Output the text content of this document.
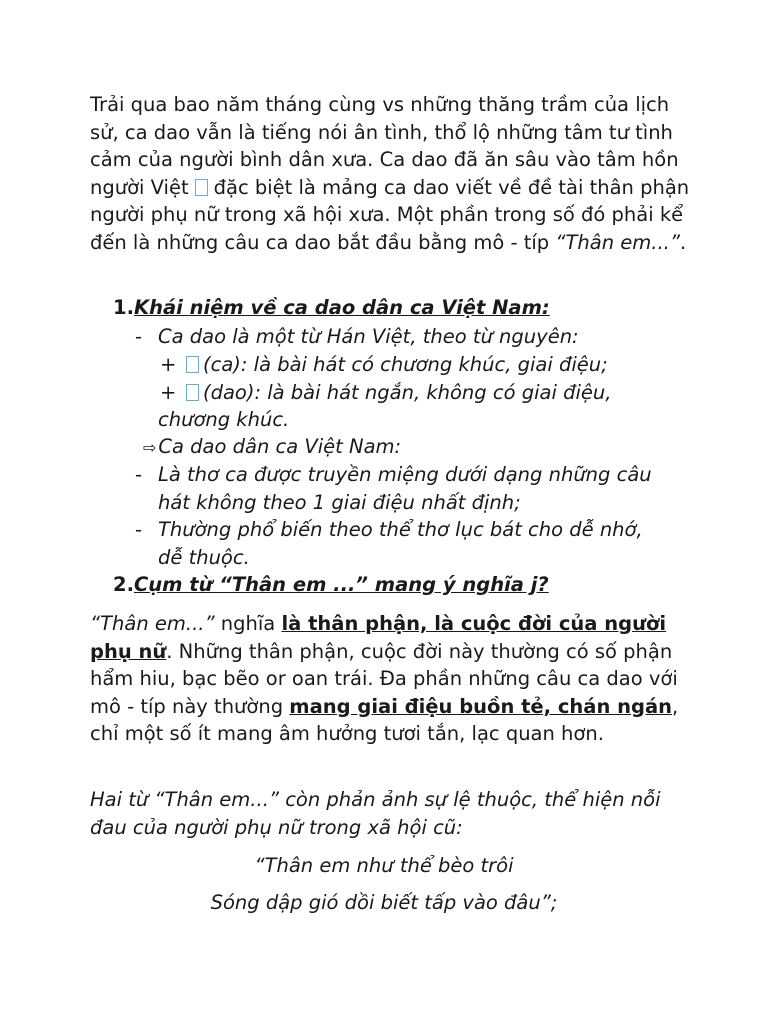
Trải qua bao năm tháng cùng vs những thăng trầm của lịch sử, ca dao vẫn là tiếng nói ân tình, thổ lộ những tâm tư tình cảm của người bình dân xưa. Ca dao đã ăn sâu vào tâm hồn người Việt đặc biệt là mảng ca dao viết về đề tài thân phận người phụ nữ trong xã hội xưa. Một phần trong số đó phải kể đến là những câu ca dao bắt đầu bằng mô - típ “Thân em...”.
1.Khái niệm về ca dao dân ca Việt Nam:
- Ca dao là một từ Hán Việt, theo từ nguyên:
+	(ca): là bài hát có chương khúc, giai điệu;
+	(dao): là bài hát ngắn, không có giai điệu,
chương khúc.
⇨ Ca dao dân ca Việt Nam:
- Là thơ ca được truyền miệng dưới dạng những câu
hát không theo 1 giai điệu nhất định;
- Thường phổ biến theo thể thơ lục bát cho dễ nhớ,
dễ thuộc.
2.Cụm từ “Thân em ...” mang ý nghĩa j?
“Thân em...” nghĩa là thân phận, là cuộc đời của người phụ nữ. Những thân phận, cuộc đời này thường có số phận hẩm hiu, bạc bẽo or oan trái. Đa phần những câu ca dao với mô - típ này thường mang giai điệu buồn tẻ, chán ngán, chỉ một số ít mang âm hưởng tươi tắn, lạc quan hơn.
Hai từ “Thân em...” còn phản ảnh sự lệ thuộc, thể hiện nỗi đau của người phụ nữ trong xã hội cũ:
“Thân em như thể bèo trôi
Sóng dập gió dồi biết tấp vào đâu”;
